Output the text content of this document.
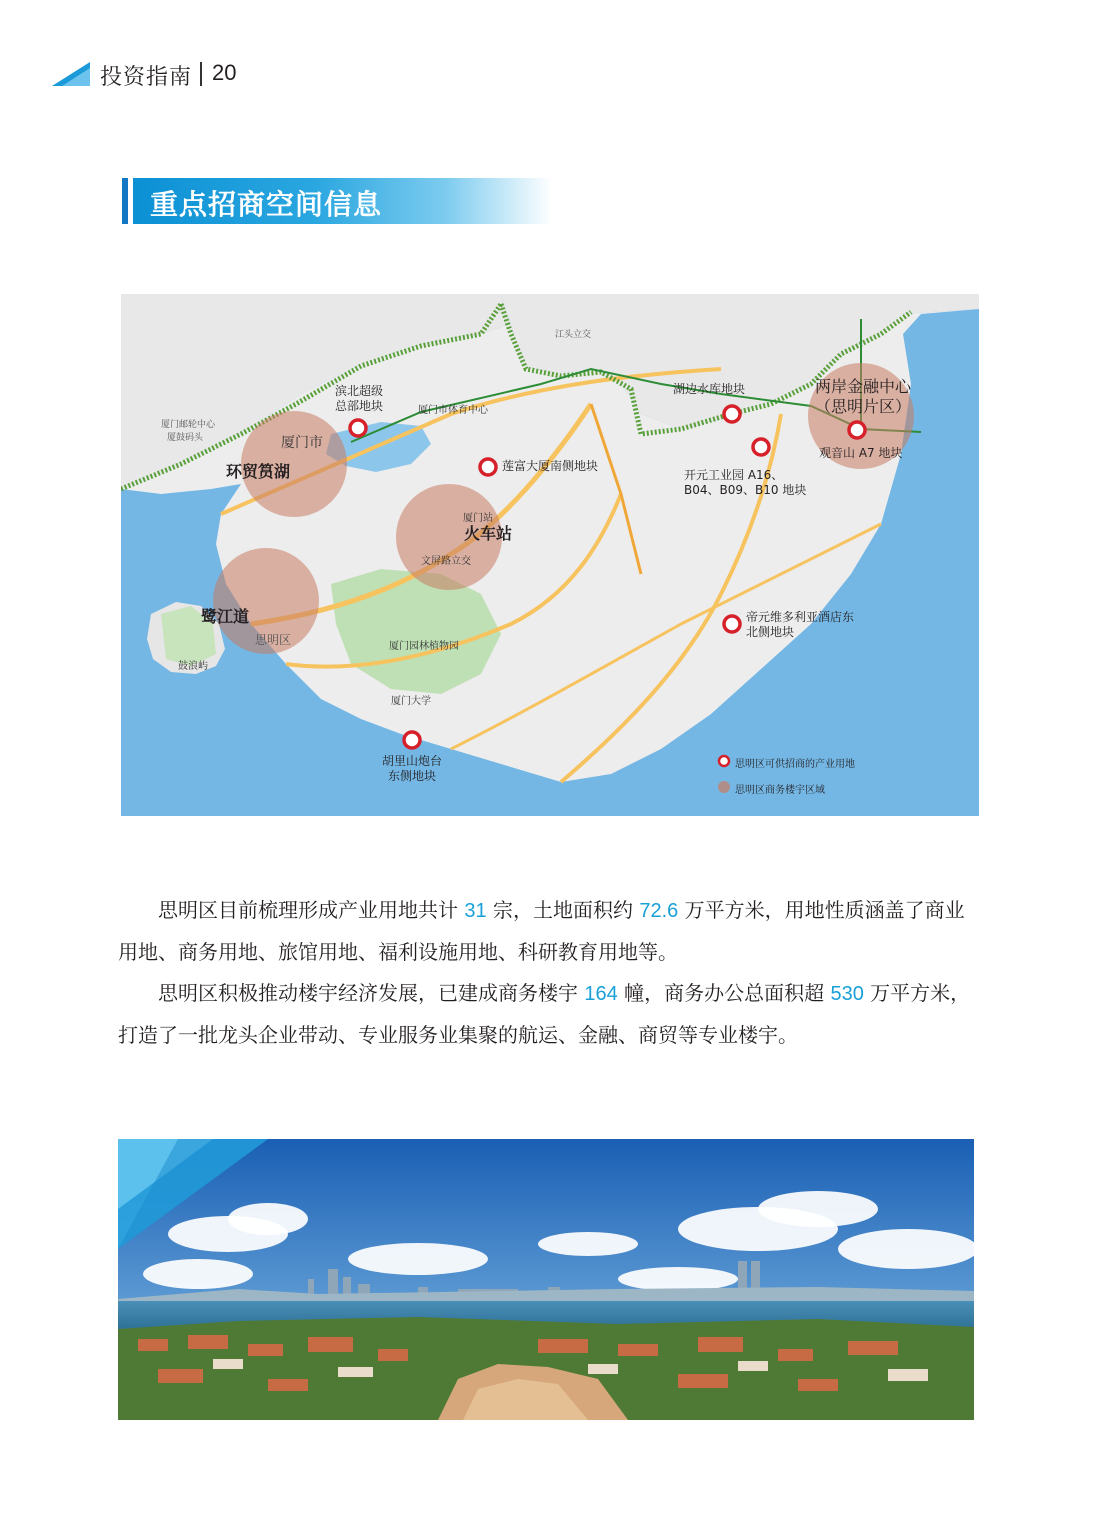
投资指南 20
重点招商空间信息
厦门邮轮中心
厦鼓码头
江头立交
厦门市体育中心
厦门站
文屏路立交
厦门园林植物园
厦门大学
鼓浪屿
厦门市
思明区
环贸筼湖
火车站
鹭江道
两岸金融中心
（思明片区）
滨北超级
总部地块
莲富大厦南侧地块
湖边水库地块
开元工业园 A16、
B04、B09、B10 地块
观音山 A7 地块
帝元维多利亚酒店东
北侧地块
胡里山炮台
东侧地块
思明区可供招商的产业用地
思明区商务楼宇区域

思明区目前梳理形成产业用地共计 31 宗，土地面积约 72.6 万平方米，用地性质涵盖了商业用地、商务用地、旅馆用地、福利设施用地、科研教育用地等。

思明区积极推动楼宇经济发展，已建成商务楼宇 164 幢，商务办公总面积超 530 万平方米，打造了一批龙头企业带动、专业服务业集聚的航运、金融、商贸等专业楼宇。
